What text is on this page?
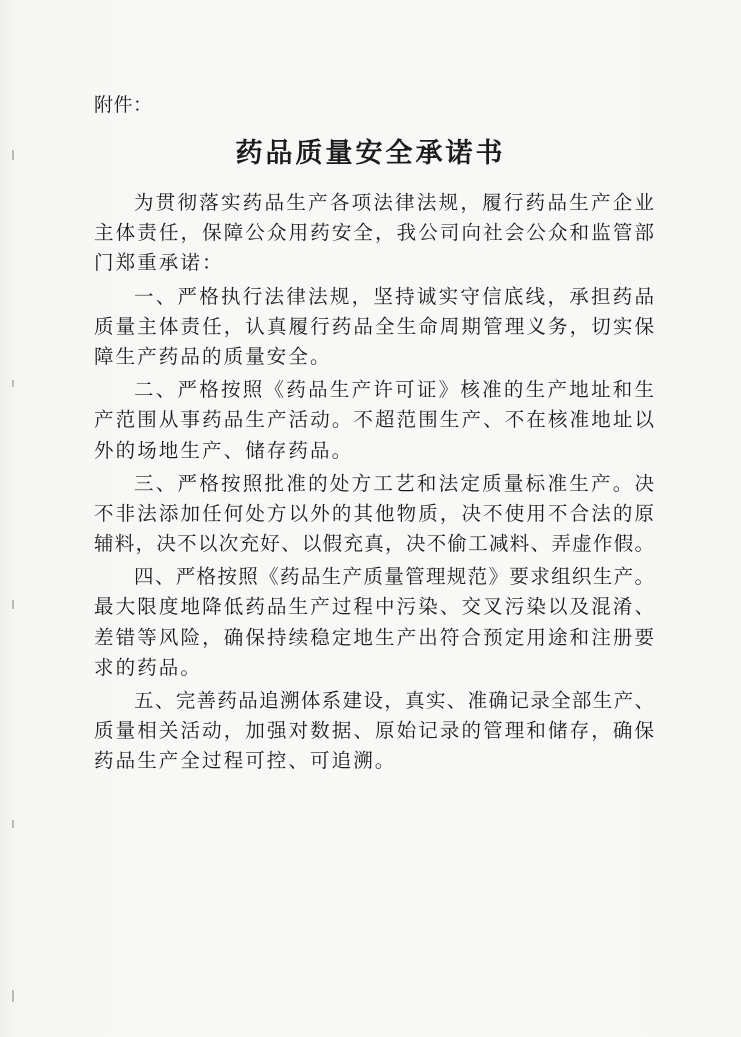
附件：
药品质量安全承诺书
为贯彻落实药品生产各项法律法规，履行药品生产企业
主体责任，保障公众用药安全，我公司向社会公众和监管部
门郑重承诺：
一、严格执行法律法规，坚持诚实守信底线，承担药品
质量主体责任，认真履行药品全生命周期管理义务，切实保
障生产药品的质量安全。
二、严格按照《药品生产许可证》核准的生产地址和生
产范围从事药品生产活动。不超范围生产、不在核准地址以
外的场地生产、储存药品。
三、严格按照批准的处方工艺和法定质量标准生产。决
不非法添加任何处方以外的其他物质，决不使用不合法的原
辅料，决不以次充好、以假充真，决不偷工减料、弄虚作假。
四、严格按照《药品生产质量管理规范》要求组织生产。
最大限度地降低药品生产过程中污染、交叉污染以及混淆、
差错等风险，确保持续稳定地生产出符合预定用途和注册要
求的药品。
五、完善药品追溯体系建设，真实、准确记录全部生产、
质量相关活动，加强对数据、原始记录的管理和储存，确保
药品生产全过程可控、可追溯。
